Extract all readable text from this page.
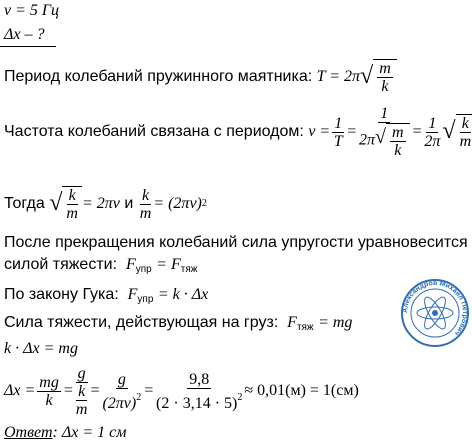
ν = 5 Гц
Δx – ?
Период колебаний пружинного маятника:
T = 2π √ $\frac{m}{k}$
Частота колебаний связана с периодом:
$\nu = \frac{1}{T} = \frac{1}{2\pi √ \frac{m}{k}} = \frac{1}{2\pi}$ √ $\frac{k}{m}$
Тогда
√ $\frac{k}{m} = 2\pi\nu$
и
$\frac{k}{m} = (2\pi\nu)$ 2
После прекращения колебаний сила упругости уравновесится
силой тяжести: $F_{упр} = F_{тяж}$
По закону Гука: $F_{упр} = k \cdot \Delta x$
Сила тяжести, действующая на груз: $F_{тяж}$ = mg
k · Δx = mg
$\Delta x = \frac{mg}{k} = \frac{g}{\frac{k}{m}} = \frac{g}{(2\pi\nu)^2} = \frac{9,8}{(2 \cdot 3,14 \cdot 5)^2} \approx 0,01(м) = 1(см)$
Ответ: Δx = 1 см
Александров Михаил Петрович
